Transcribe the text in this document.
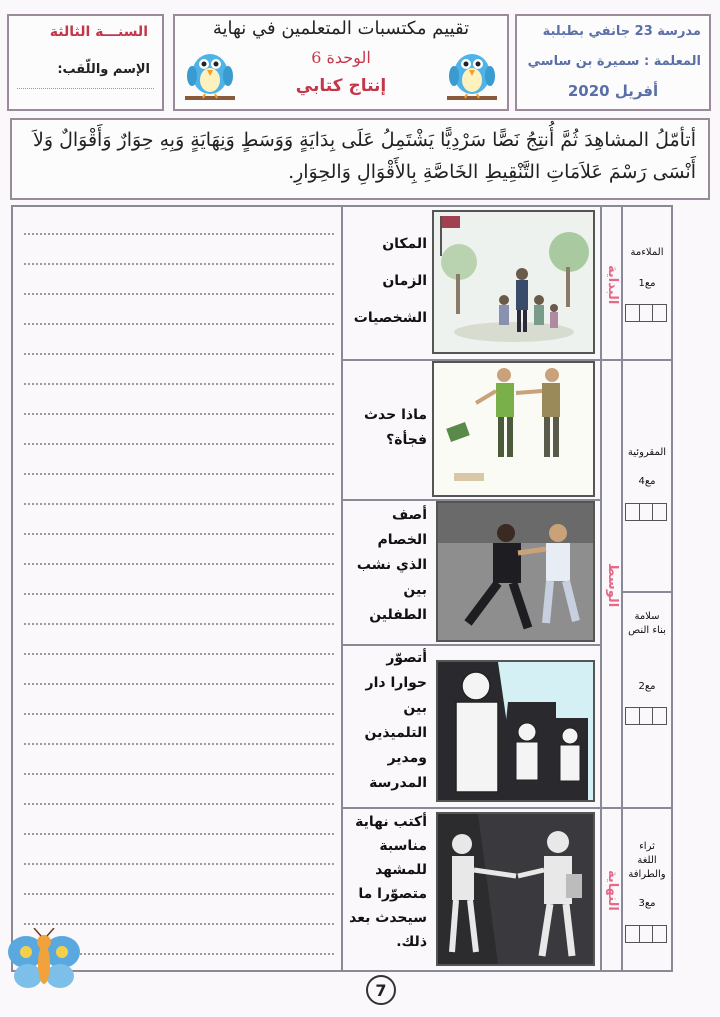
السنـــة الثالثة
الإسم واللّقب:
تقييم مكتسبات المتعلمين في نهاية
الوحدة 6
إنتاج كتابي
مدرسة 23 جانفي بطبلبة
المعلمة : سميرة بن ساسي
أفريل 2020
أتأمّلُ المشاهِدَ ثُمَّ أُنتِجُ نَصًّا سَرْدِيًّا يَشْتَمِلُ عَلَى بِدَايَةٍ وَوَسَطٍ وَنِهَايَةٍ وَبِهِ حِوَارٌ وَأَقْوَالٌ وَلاَ أَنْسَى رَسْمَ عَلاَمَاتِ التَّنْقِيطِ الخَاصَّةِ بِالأَقْوَالِ وَالحِوَارِ.
المكان
الزمان
الشخصيات
ماذا حدث
فجأة؟
أصف
الخصام
الذي نشب
بين
الطفلين
أتصوّر
حوارا دار
بين
التلميذين
ومدير
المدرسة
أكتب نهاية
مناسبة
للمشهد
متصوّرا ما
سيحدث بعد
ذلك.
البداية
الوسط
النهاية
الملاءمة
مع1
المقروئية
مع4
سلامة بناء النص
مع2
ثراء اللغة والطرافة
مع3
7
